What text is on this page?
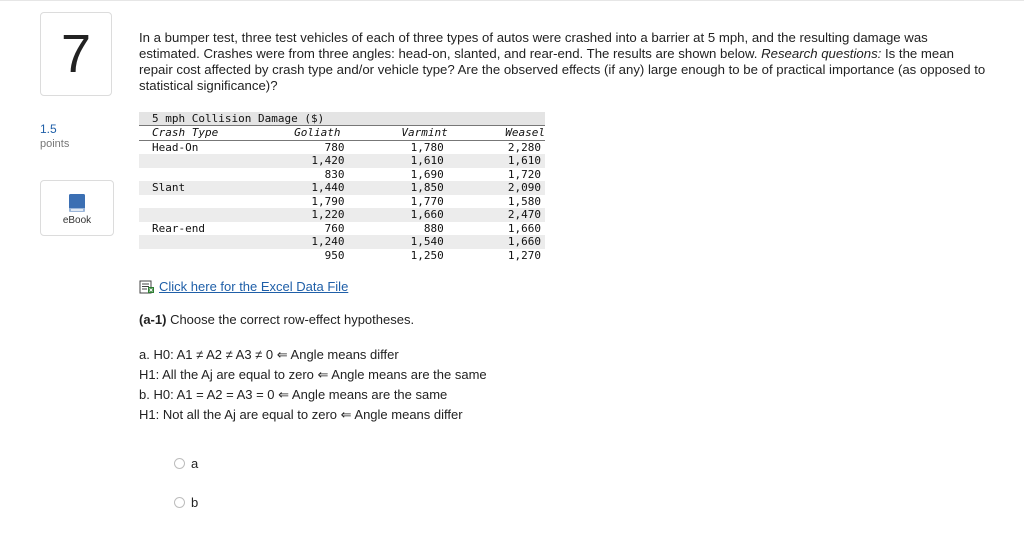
7
1.5
points
eBook
In a bumper test, three test vehicles of each of three types of autos were crashed into a barrier at 5 mph, and the resulting damage was estimated. Crashes were from three angles: head-on, slanted, and rear-end. The results are shown below. Research questions: Is the mean repair cost affected by crash type and/or vehicle type? Are the observed effects (if any) large enough to be of practical importance (as opposed to statistical significance)?
5 mph Collision Damage ($)
Crash Type	Goliath	Varmint	Weasel
Head-On	780	1,780	2,280
	1,420	1,610	1,610
	830	1,690	1,720
Slant	1,440	1,850	2,090
	1,790	1,770	1,580
	1,220	1,660	2,470
Rear-end	760	880	1,660
	1,240	1,540	1,660
	950	1,250	1,270
Click here for the Excel Data File
(a-1) Choose the correct row-effect hypotheses.
a. H0: A1 ≠ A2 ≠ A3 ≠ 0 ⇐ Angle means differ
H1: All the Aj are equal to zero ⇐ Angle means are the same
b. H0: A1 = A2 = A3 = 0 ⇐ Angle means are the same
H1: Not all the Aj are equal to zero ⇐ Angle means differ
a
b
